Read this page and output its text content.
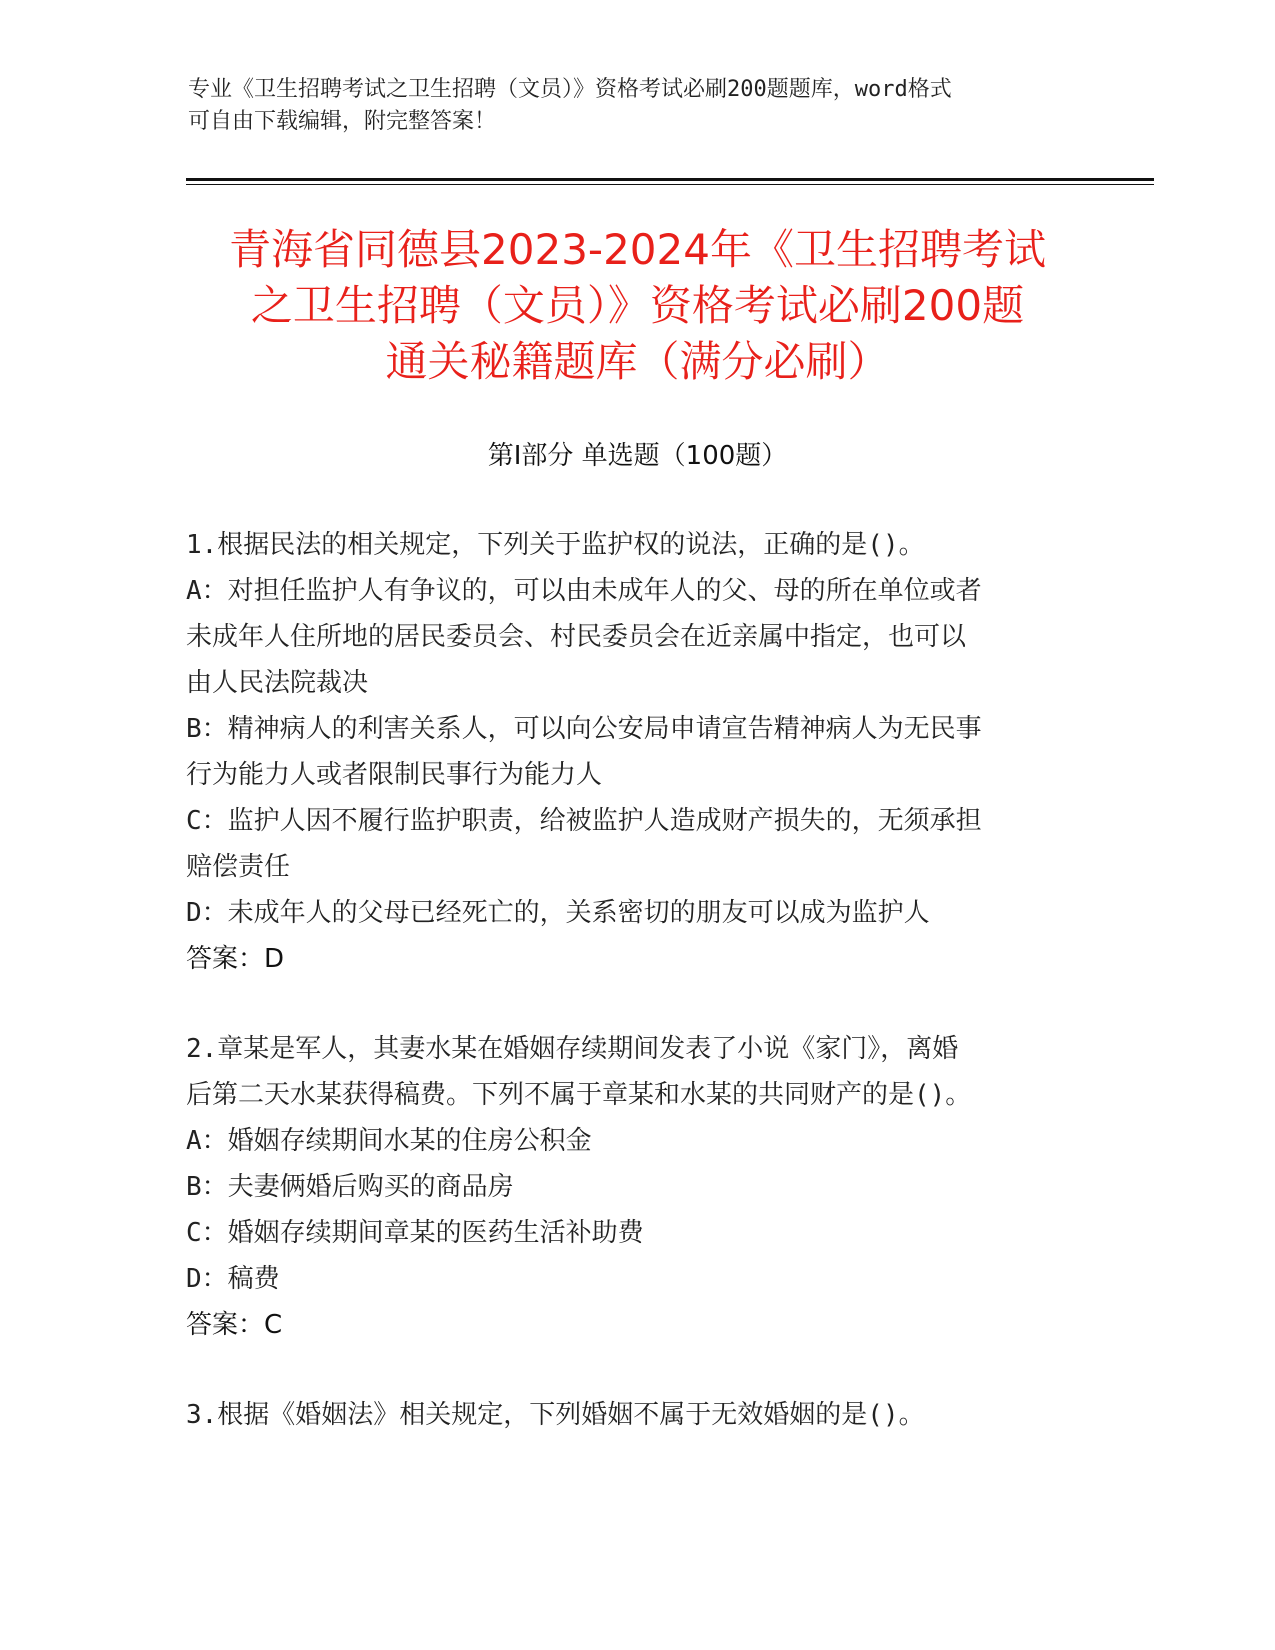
专业《卫生招聘考试之卫生招聘（文员）》资格考试必刷200题题库，word格式
可自由下载编辑，附完整答案！
青海省同德县2023-2024年《卫生招聘考试
之卫生招聘（文员）》资格考试必刷200题
通关秘籍题库（满分必刷）
第Ⅰ部分 单选题（100题）
1.根据民法的相关规定，下列关于监护权的说法，正确的是()。
A：对担任监护人有争议的，可以由未成年人的父、母的所在单位或者
未成年人住所地的居民委员会、村民委员会在近亲属中指定，也可以
由人民法院裁决
B：精神病人的利害关系人，可以向公安局申请宣告精神病人为无民事
行为能力人或者限制民事行为能力人
C：监护人因不履行监护职责，给被监护人造成财产损失的，无须承担
赔偿责任
D：未成年人的父母已经死亡的，关系密切的朋友可以成为监护人
答案：D
2.章某是军人，其妻水某在婚姻存续期间发表了小说《家门》，离婚
后第二天水某获得稿费。下列不属于章某和水某的共同财产的是()。
A：婚姻存续期间水某的住房公积金
B：夫妻俩婚后购买的商品房
C：婚姻存续期间章某的医药生活补助费
D：稿费
答案：C
3.根据《婚姻法》相关规定，下列婚姻不属于无效婚姻的是()。
